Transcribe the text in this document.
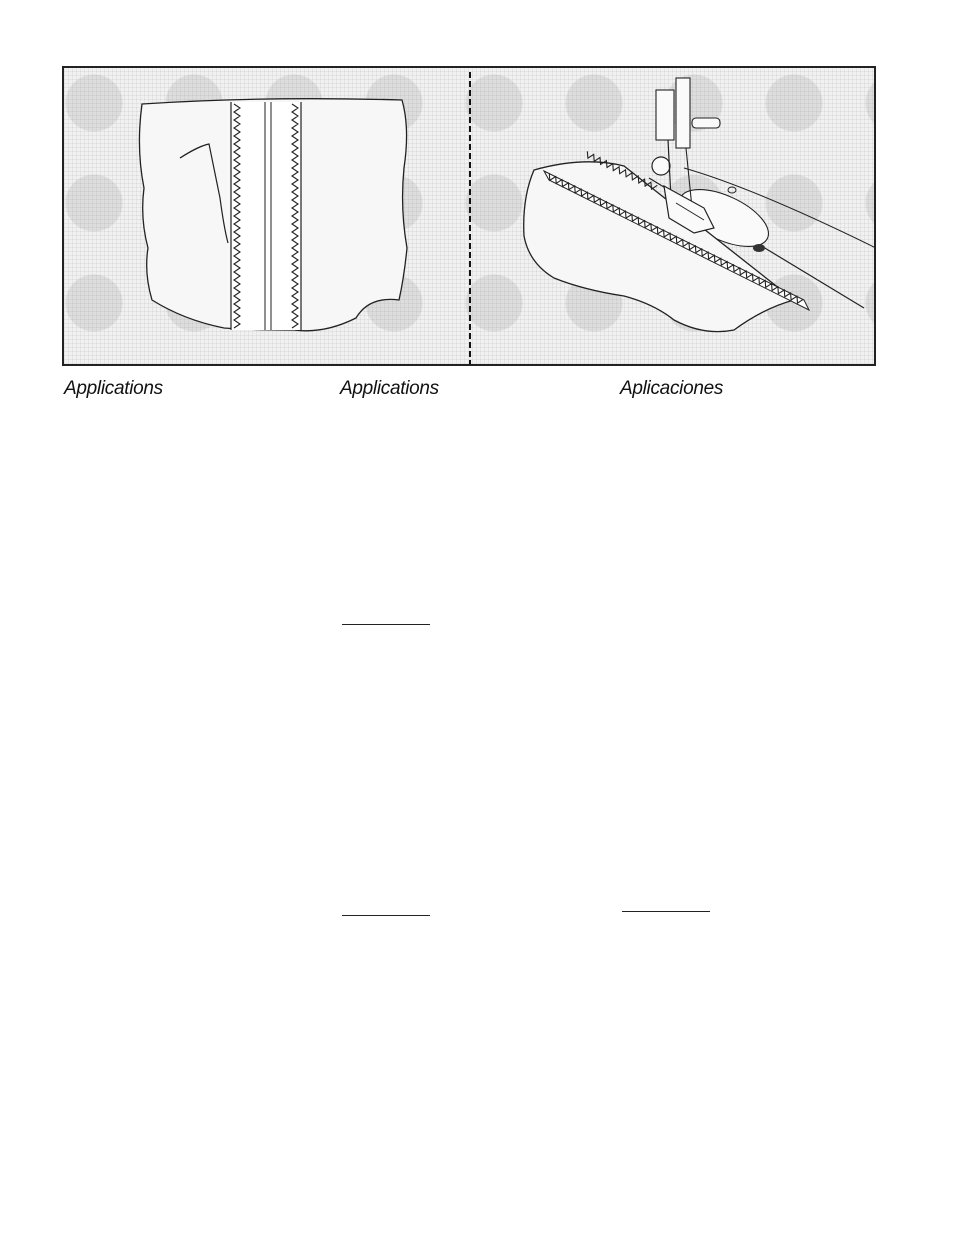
Applications	Applications	Aplicaciones
